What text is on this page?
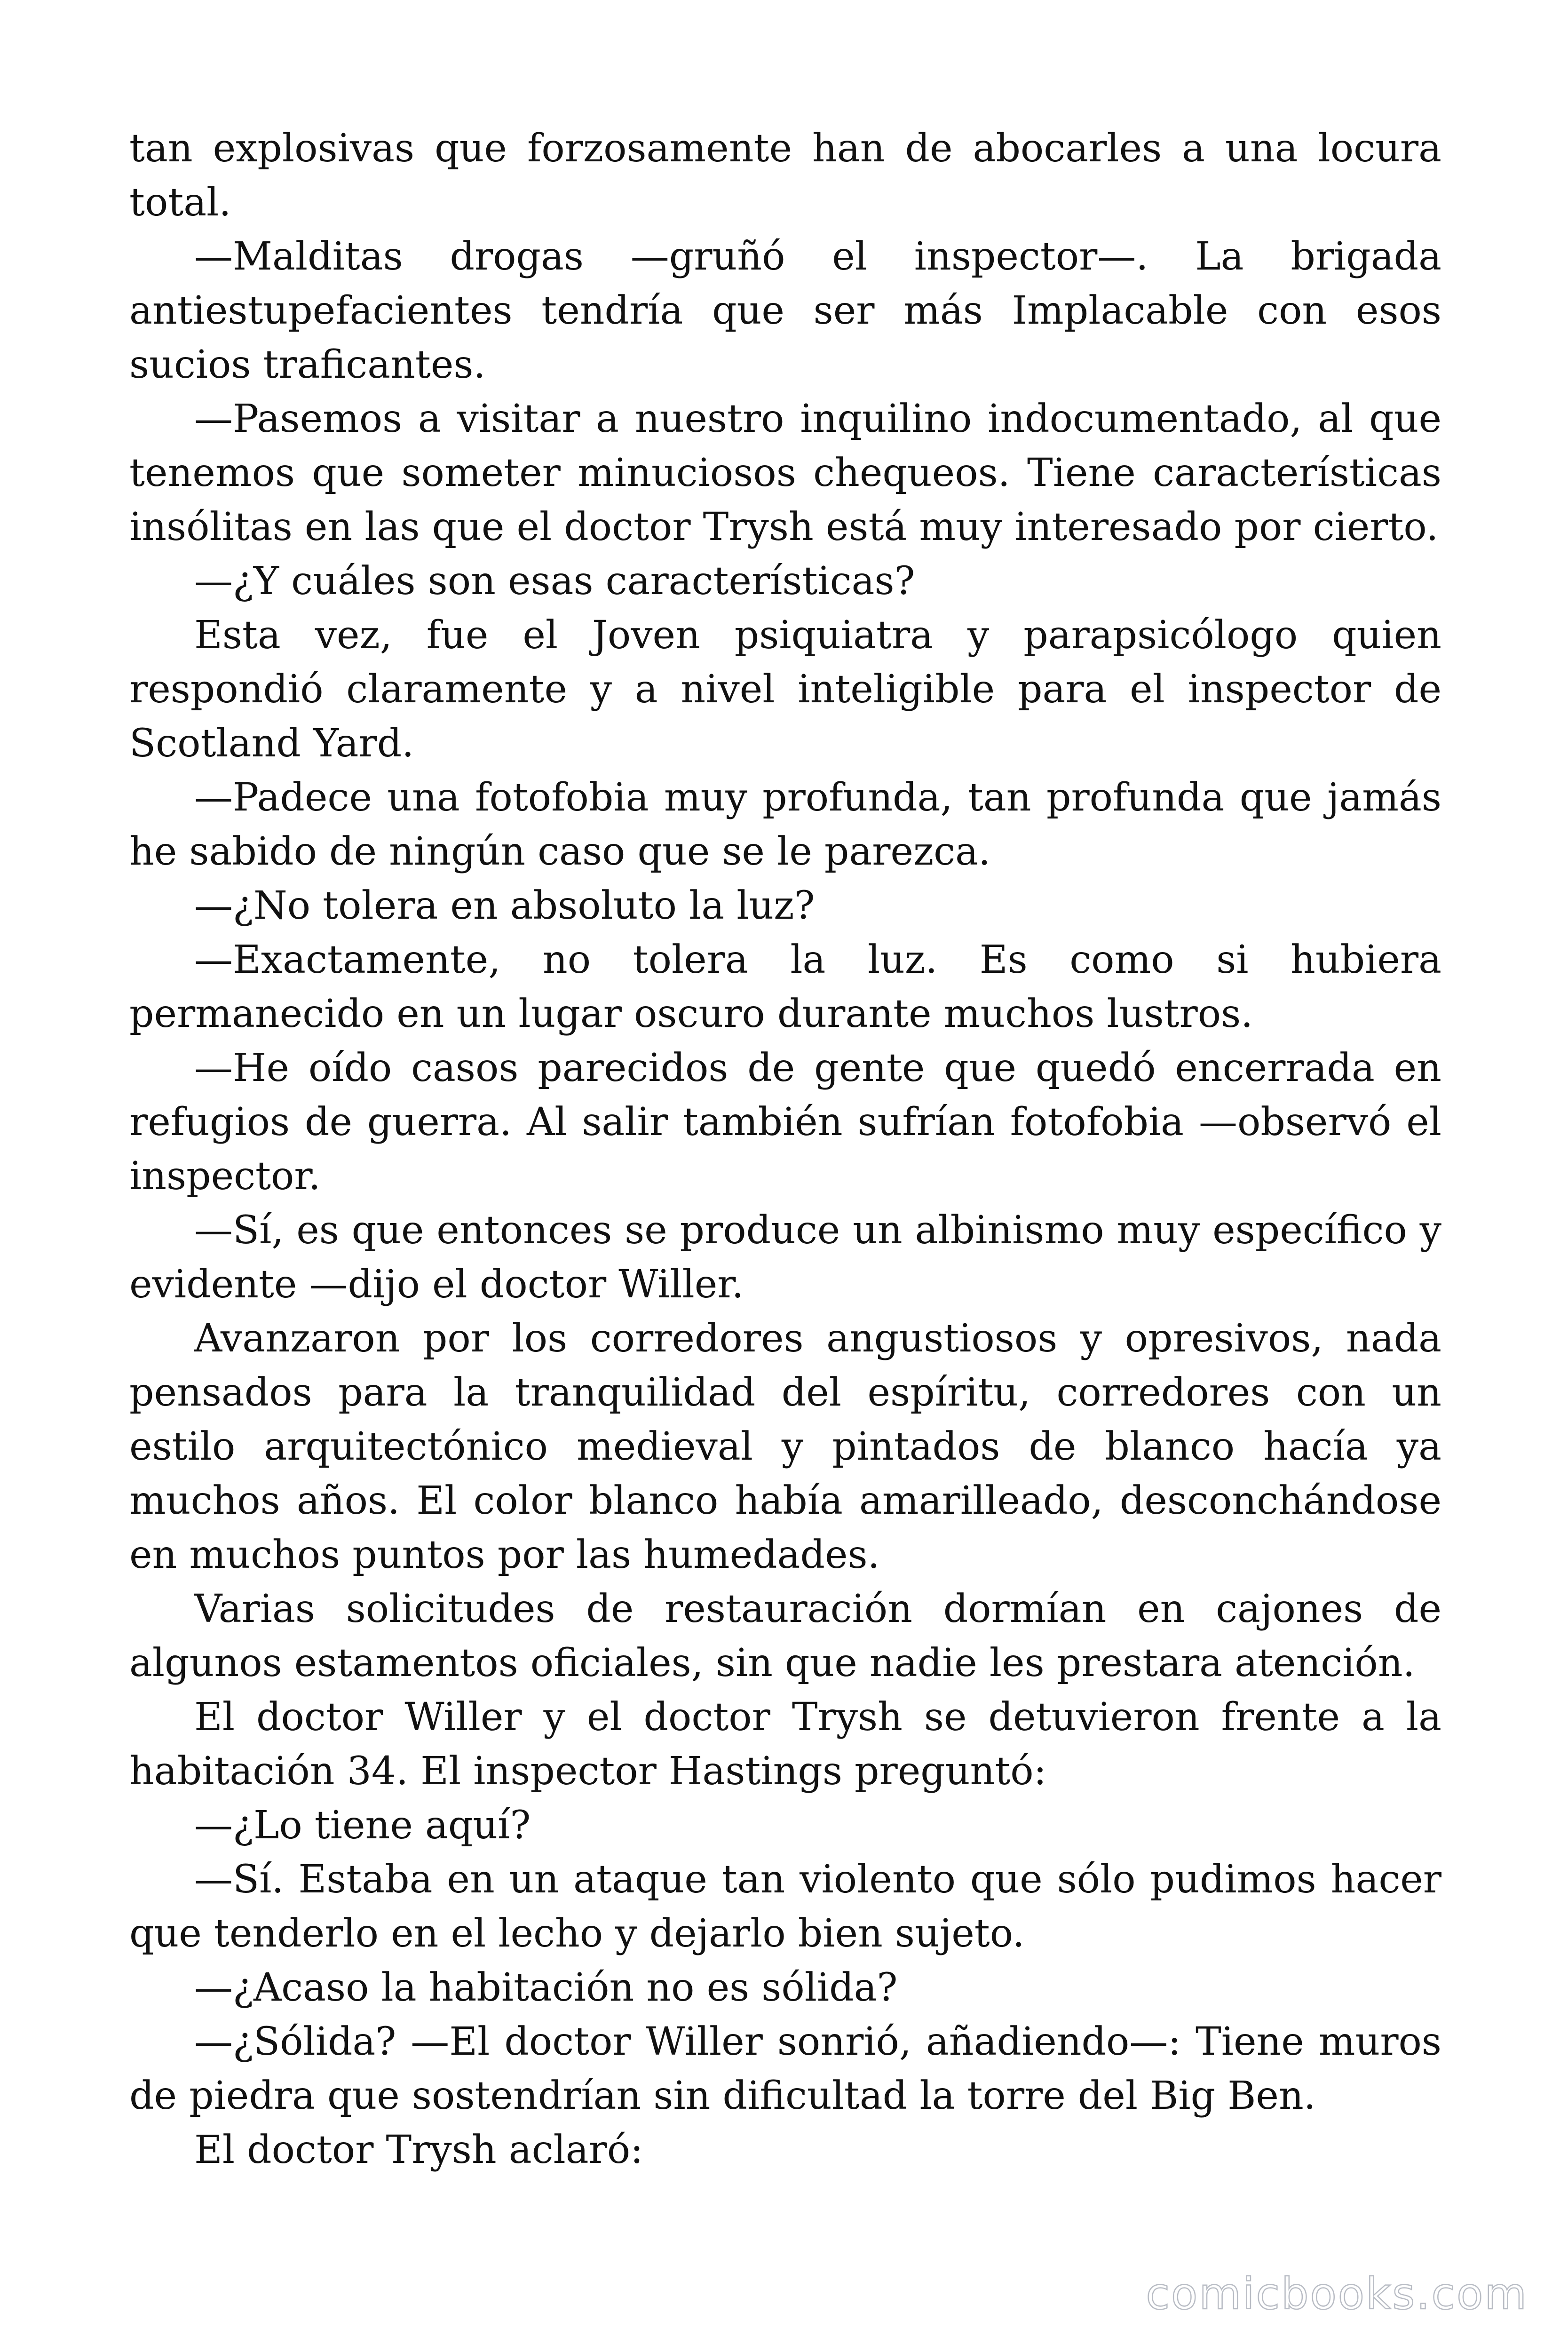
tan explosivas que forzosamente han de abocarles a una locura total.

—Malditas drogas —gruñó el inspector—. La brigada antiestupefacientes tendría que ser más Implacable con esos sucios traficantes.

—Pasemos a visitar a nuestro inquilino indocumentado, al que tenemos que someter minuciosos chequeos. Tiene características insólitas en las que el doctor Trysh está muy interesado por cierto.

—¿Y cuáles son esas características?

Esta vez, fue el Joven psiquiatra y parapsicólogo quien respondió claramente y a nivel inteligible para el inspector de Scotland Yard.

—Padece una fotofobia muy profunda, tan profunda que jamás he sabido de ningún caso que se le parezca.

—¿No tolera en absoluto la luz?

—Exactamente, no tolera la luz. Es como si hubiera permanecido en un lugar oscuro durante muchos lustros.

—He oído casos parecidos de gente que quedó encerrada en refugios de guerra. Al salir también sufrían fotofobia —observó el inspector.

—Sí, es que entonces se produce un albinismo muy específico y evidente —dijo el doctor Willer.

Avanzaron por los corredores angustiosos y opresivos, nada pensados para la tranquilidad del espíritu, corredores con un estilo arquitectónico medieval y pintados de blanco hacía ya muchos años. El color blanco había amarilleado, desconchándose en muchos puntos por las humedades.

Varias solicitudes de restauración dormían en cajones de algunos estamentos oficiales, sin que nadie les prestara atención.

El doctor Willer y el doctor Trysh se detuvieron frente a la habitación 34. El inspector Hastings preguntó:

—¿Lo tiene aquí?

—Sí. Estaba en un ataque tan violento que sólo pudimos hacer que tenderlo en el lecho y dejarlo bien sujeto.

—¿Acaso la habitación no es sólida?

—¿Sólida? —El doctor Willer sonrió, añadiendo—: Tiene muros de piedra que sostendrían sin dificultad la torre del Big Ben.

El doctor Trysh aclaró:

comicbooks.com
